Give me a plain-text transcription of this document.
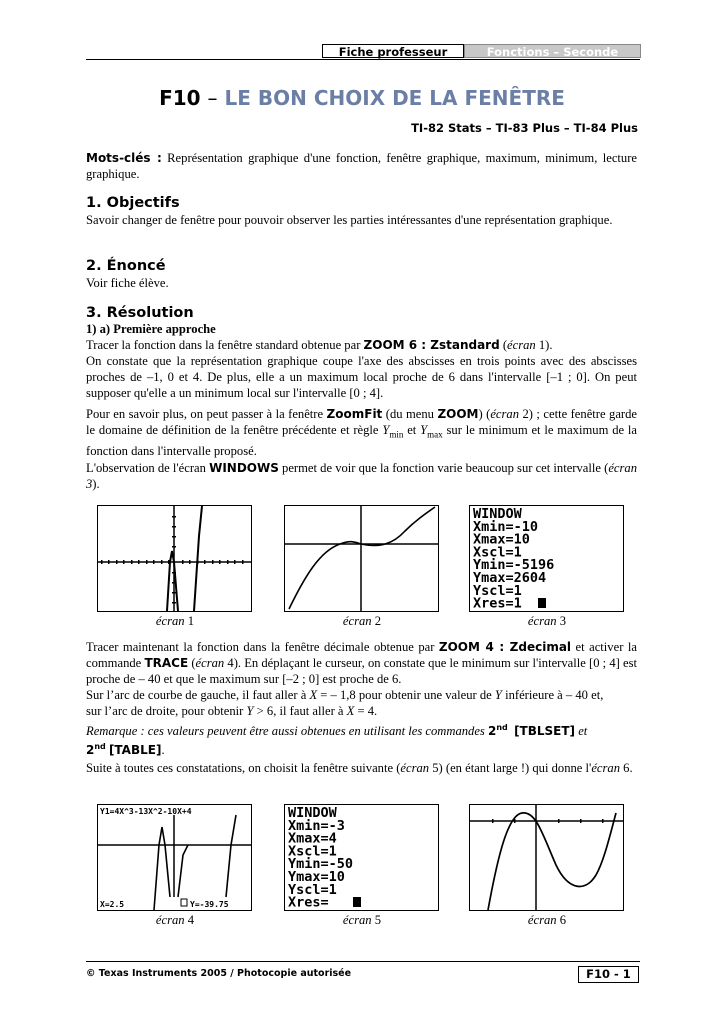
Fiche professeur	Fonctions – Seconde
F10 – LE BON CHOIX DE LA FENÊTRE
TI-82 Stats – TI-83 Plus – TI-84 Plus
Mots-clés : Représentation graphique d'une fonction, fenêtre graphique, maximum, minimum, lecture graphique.
1. Objectifs
Savoir changer de fenêtre pour pouvoir observer les parties intéressantes d'une représentation graphique.
2. Énoncé
Voir fiche élève.
3. Résolution
1) a) Première approche
Tracer la fonction dans la fenêtre standard obtenue par ZOOM 6 : Zstandard (écran 1).
On constate que la représentation graphique coupe l'axe des abscisses en trois points avec des abscisses proches de –1, 0 et 4. De plus, elle a un maximum local proche de 6 dans l'intervalle [–1 ; 0]. On peut supposer qu'elle a un minimum local sur l'intervalle [0 ; 4].
Pour en savoir plus, on peut passer à la fenêtre ZoomFit (du menu ZOOM) (écran 2) ; cette fenêtre garde le domaine de définition de la fenêtre précédente et règle $Y_{min}$ et $Y_{max}$ sur le minimum et le maximum de la fonction dans l'intervalle proposé.
L'observation de l'écran WINDOWS permet de voir que la fonction varie beaucoup sur cet intervalle (écran 3).
WINDOW
Xmin=-10
Xmax=10
Xscl=1
Ymin=-5196
Ymax=2604
Yscl=1
Xres=1
écran 1	écran 2	écran 3
Tracer maintenant la fonction dans la fenêtre décimale obtenue par ZOOM 4 : Zdecimal et activer la commande TRACE (écran 4). En déplaçant le curseur, on constate que le minimum sur l'intervalle [0 ; 4] est proche de – 40 et que le maximum sur [–2 ; 0] est proche de 6.
Sur l’arc de courbe de gauche, il faut aller à X = – 1,8 pour obtenir une valeur de Y inférieure à – 40 et,
sur l’arc de droite, pour obtenir Y > 6, il faut aller à X = 4.
Remarque : ces valeurs peuvent être aussi obtenues en utilisant les commandes 2nd [TBLSET] et
2nd [TABLE].
Suite à toutes ces constatations, on choisit la fenêtre suivante (écran 5) (en étant large !) qui donne l'écran 6.
Y1=4X^3-13X^2-10X+4
X=2.5	Y=-39.75
WINDOW
Xmin=-3
Xmax=4
Xscl=1
Ymin=-50
Ymax=10
Yscl=1
Xres=
écran 4	écran 5	écran 6
© Texas Instruments 2005 / Photocopie autorisée	F10 - 1
